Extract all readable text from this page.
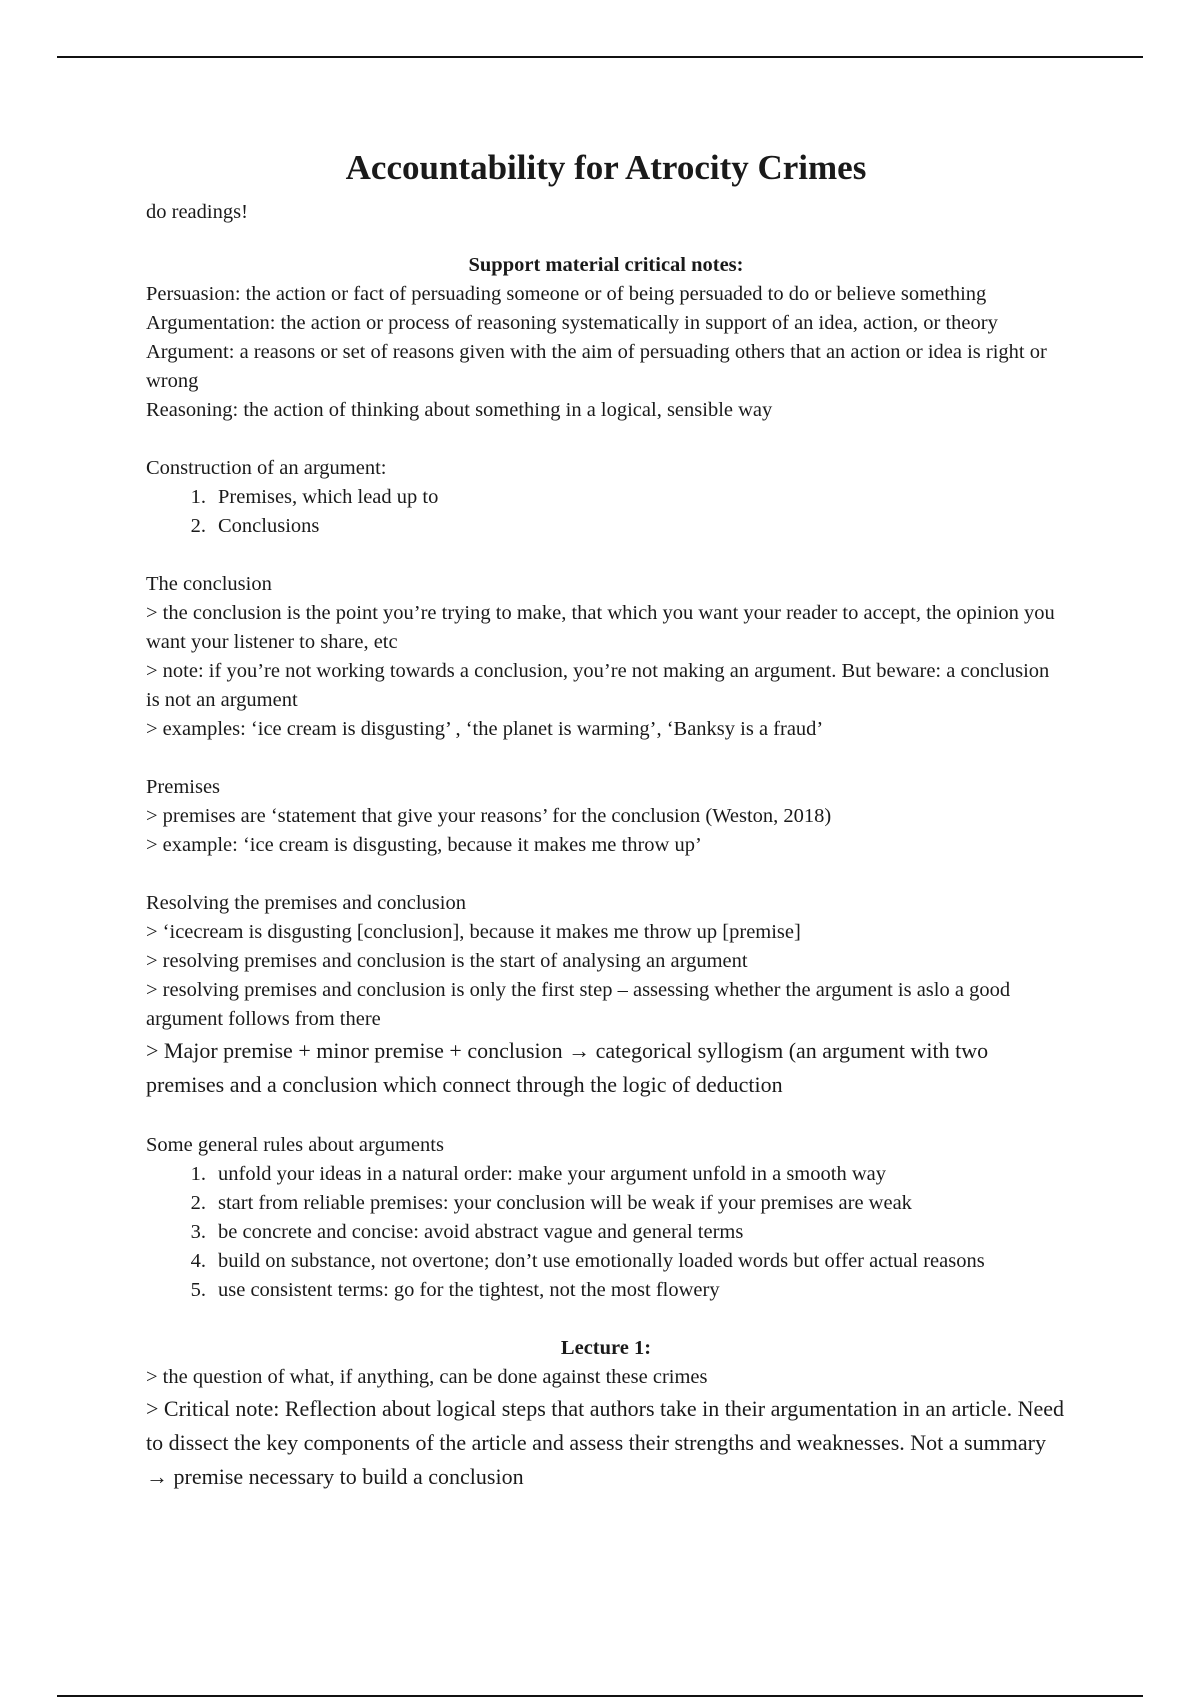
Accountability for Atrocity Crimes

do readings!

Support material critical notes:

Persuasion: the action or fact of persuading someone or of being persuaded to do or believe something

Argumentation: the action or process of reasoning systematically in support of an idea, action, or theory

Argument: a reasons or set of reasons given with the aim of persuading others that an action or idea is right or wrong

Reasoning: the action of thinking about something in a logical, sensible way

Construction of an argument:

1. Premises, which lead up to
2. Conclusions

The conclusion

> the conclusion is the point you’re trying to make, that which you want your reader to accept, the opinion you want your listener to share, etc

> note: if you’re not working towards a conclusion, you’re not making an argument. But beware: a conclusion is not an argument

> examples: ‘ice cream is disgusting’ , ‘the planet is warming’, ‘Banksy is a fraud’

Premises

> premises are ‘statement that give your reasons’ for the conclusion (Weston, 2018)

> example: ‘ice cream is disgusting, because it makes me throw up’

Resolving the premises and conclusion

> ‘icecream is disgusting [conclusion], because it makes me throw up [premise]

> resolving premises and conclusion is the start of analysing an argument

> resolving premises and conclusion is only the first step – assessing whether the argument is aslo a good argument follows from there

> Major premise + minor premise + conclusion → categorical syllogism (an argument with two premises and a conclusion which connect through the logic of deduction

Some general rules about arguments

1. unfold your ideas in a natural order: make your argument unfold in a smooth way
2. start from reliable premises: your conclusion will be weak if your premises are weak
3. be concrete and concise: avoid abstract vague and general terms
4. build on substance, not overtone; don’t use emotionally loaded words but offer actual reasons
5. use consistent terms: go for the tightest, not the most flowery

Lecture 1:

> the question of what, if anything, can be done against these crimes

> Critical note: Reflection about logical steps that authors take in their argumentation in an article. Need to dissect the key components of the article and assess their strengths and weaknesses. Not a summary → premise necessary to build a conclusion
